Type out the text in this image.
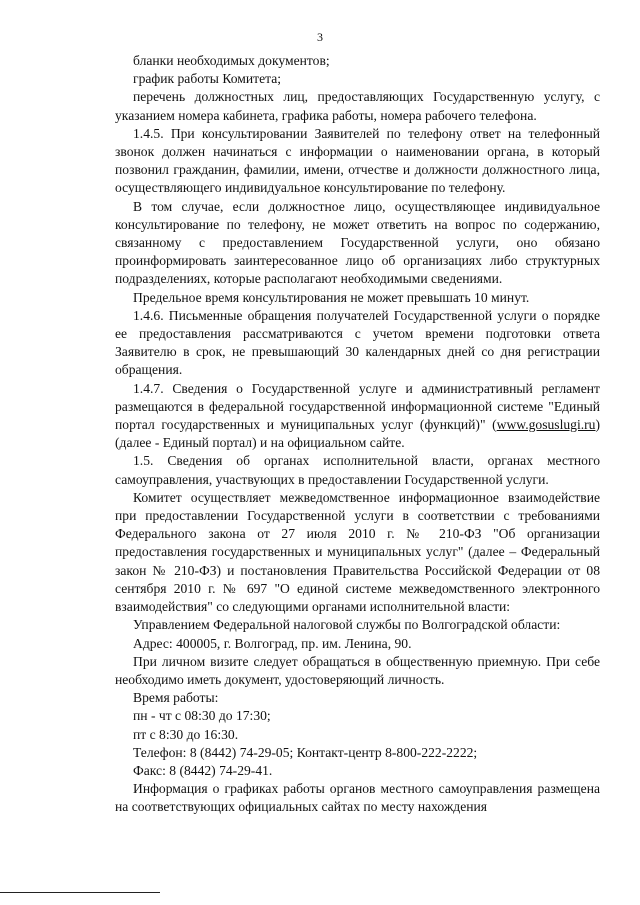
3

бланки необходимых документов;

график работы Комитета;

перечень должностных лиц, предоставляющих Государственную услугу, с указанием номера кабинета, графика работы, номера рабочего телефона.

1.4.5. При консультировании Заявителей по телефону ответ на телефонный звонок должен начинаться с информации о наименовании органа, в который позвонил гражданин, фамилии, имени, отчестве и должности должностного лица, осуществляющего индивидуальное консультирование по телефону.

В том случае, если должностное лицо, осуществляющее индивидуальное консультирование по телефону, не может ответить на вопрос по содержанию, связанному с предоставлением Государственной услуги, оно обязано проинформировать заинтересованное лицо об организациях либо структурных подразделениях, которые располагают необходимыми сведениями.

Предельное время консультирования не может превышать 10 минут.

1.4.6. Письменные обращения получателей Государственной услуги о порядке ее предоставления рассматриваются с учетом времени подготовки ответа Заявителю в срок, не превышающий 30 календарных дней со дня регистрации обращения.

1.4.7. Сведения о Государственной услуге и административный регламент размещаются в федеральной государственной информационной системе "Единый портал государственных и муниципальных услуг (функций)" (www.gosuslugi.ru) (далее - Единый портал) и на официальном сайте.

1.5. Сведения об органах исполнительной власти, органах местного самоуправления, участвующих в предоставлении Государственной услуги.

Комитет осуществляет межведомственное информационное взаимодействие при предоставлении Государственной услуги в соответствии с требованиями Федерального закона от 27 июля 2010 г. № 210-ФЗ "Об организации предоставления государственных и муниципальных услуг" (далее – Федеральный закон № 210-ФЗ) и постановления Правительства Российской Федерации от 08 сентября 2010 г. № 697 "О единой системе межведомственного электронного взаимодействия" со следующими органами исполнительной власти:

Управлением Федеральной налоговой службы по Волгоградской области:

Адрес: 400005, г. Волгоград, пр. им. Ленина, 90.

При личном визите следует обращаться в общественную приемную. При себе необходимо иметь документ, удостоверяющий личность.

Время работы:

пн - чт с 08:30 до 17:30;

пт с 8:30 до 16:30.

Телефон: 8 (8442) 74-29-05; Контакт-центр 8-800-222-2222;

Факс: 8 (8442) 74-29-41.

Информация о графиках работы органов местного самоуправления размещена на соответствующих официальных сайтах по месту нахождения
